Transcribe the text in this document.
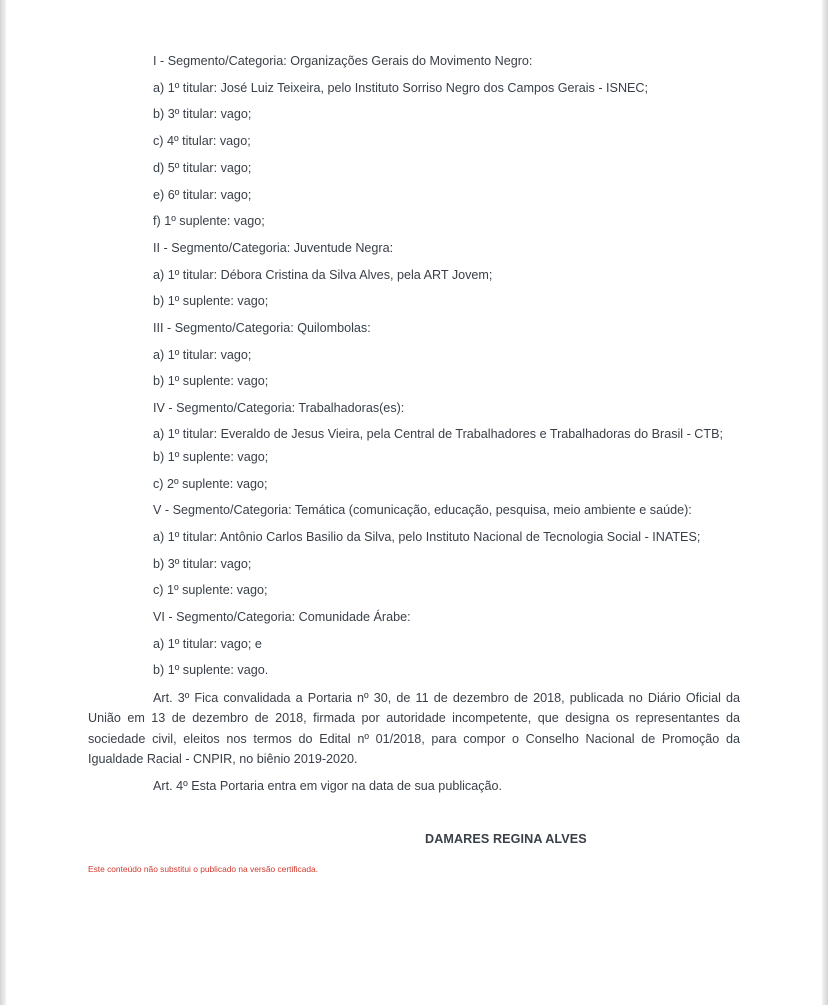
I - Segmento/Categoria: Organizações Gerais do Movimento Negro:

a) 1º titular: José Luiz Teixeira, pelo Instituto Sorriso Negro dos Campos Gerais - ISNEC;

b) 3º titular: vago;

c) 4º titular: vago;

d) 5º titular: vago;

e) 6º titular: vago;

f) 1º suplente: vago;

II - Segmento/Categoria: Juventude Negra:

a) 1º titular: Débora Cristina da Silva Alves, pela ART Jovem;

b) 1º suplente: vago;

III - Segmento/Categoria: Quilombolas:

a) 1º titular: vago;

b) 1º suplente: vago;

IV - Segmento/Categoria: Trabalhadoras(es):

a) 1º titular: Everaldo de Jesus Vieira, pela Central de Trabalhadores e Trabalhadoras do Brasil - CTB;

b) 1º suplente: vago;

c) 2º suplente: vago;

V - Segmento/Categoria: Temática (comunicação, educação, pesquisa, meio ambiente e saúde):

a) 1º titular: Antônio Carlos Basilio da Silva, pelo Instituto Nacional de Tecnologia Social - INATES;

b) 3º titular: vago;

c) 1º suplente: vago;

VI - Segmento/Categoria: Comunidade Árabe:

a) 1º titular: vago; e

b) 1º suplente: vago.

Art. 3º Fica convalidada a Portaria nº 30, de 11 de dezembro de 2018, publicada no Diário Oficial da União em 13 de dezembro de 2018, firmada por autoridade incompetente, que designa os representantes da sociedade civil, eleitos nos termos do Edital nº 01/2018, para compor o Conselho Nacional de Promoção da Igualdade Racial - CNPIR, no biênio 2019-2020.

Art. 4º Esta Portaria entra em vigor na data de sua publicação.

DAMARES REGINA ALVES
Este conteúdo não substitui o publicado na versão certificada.
